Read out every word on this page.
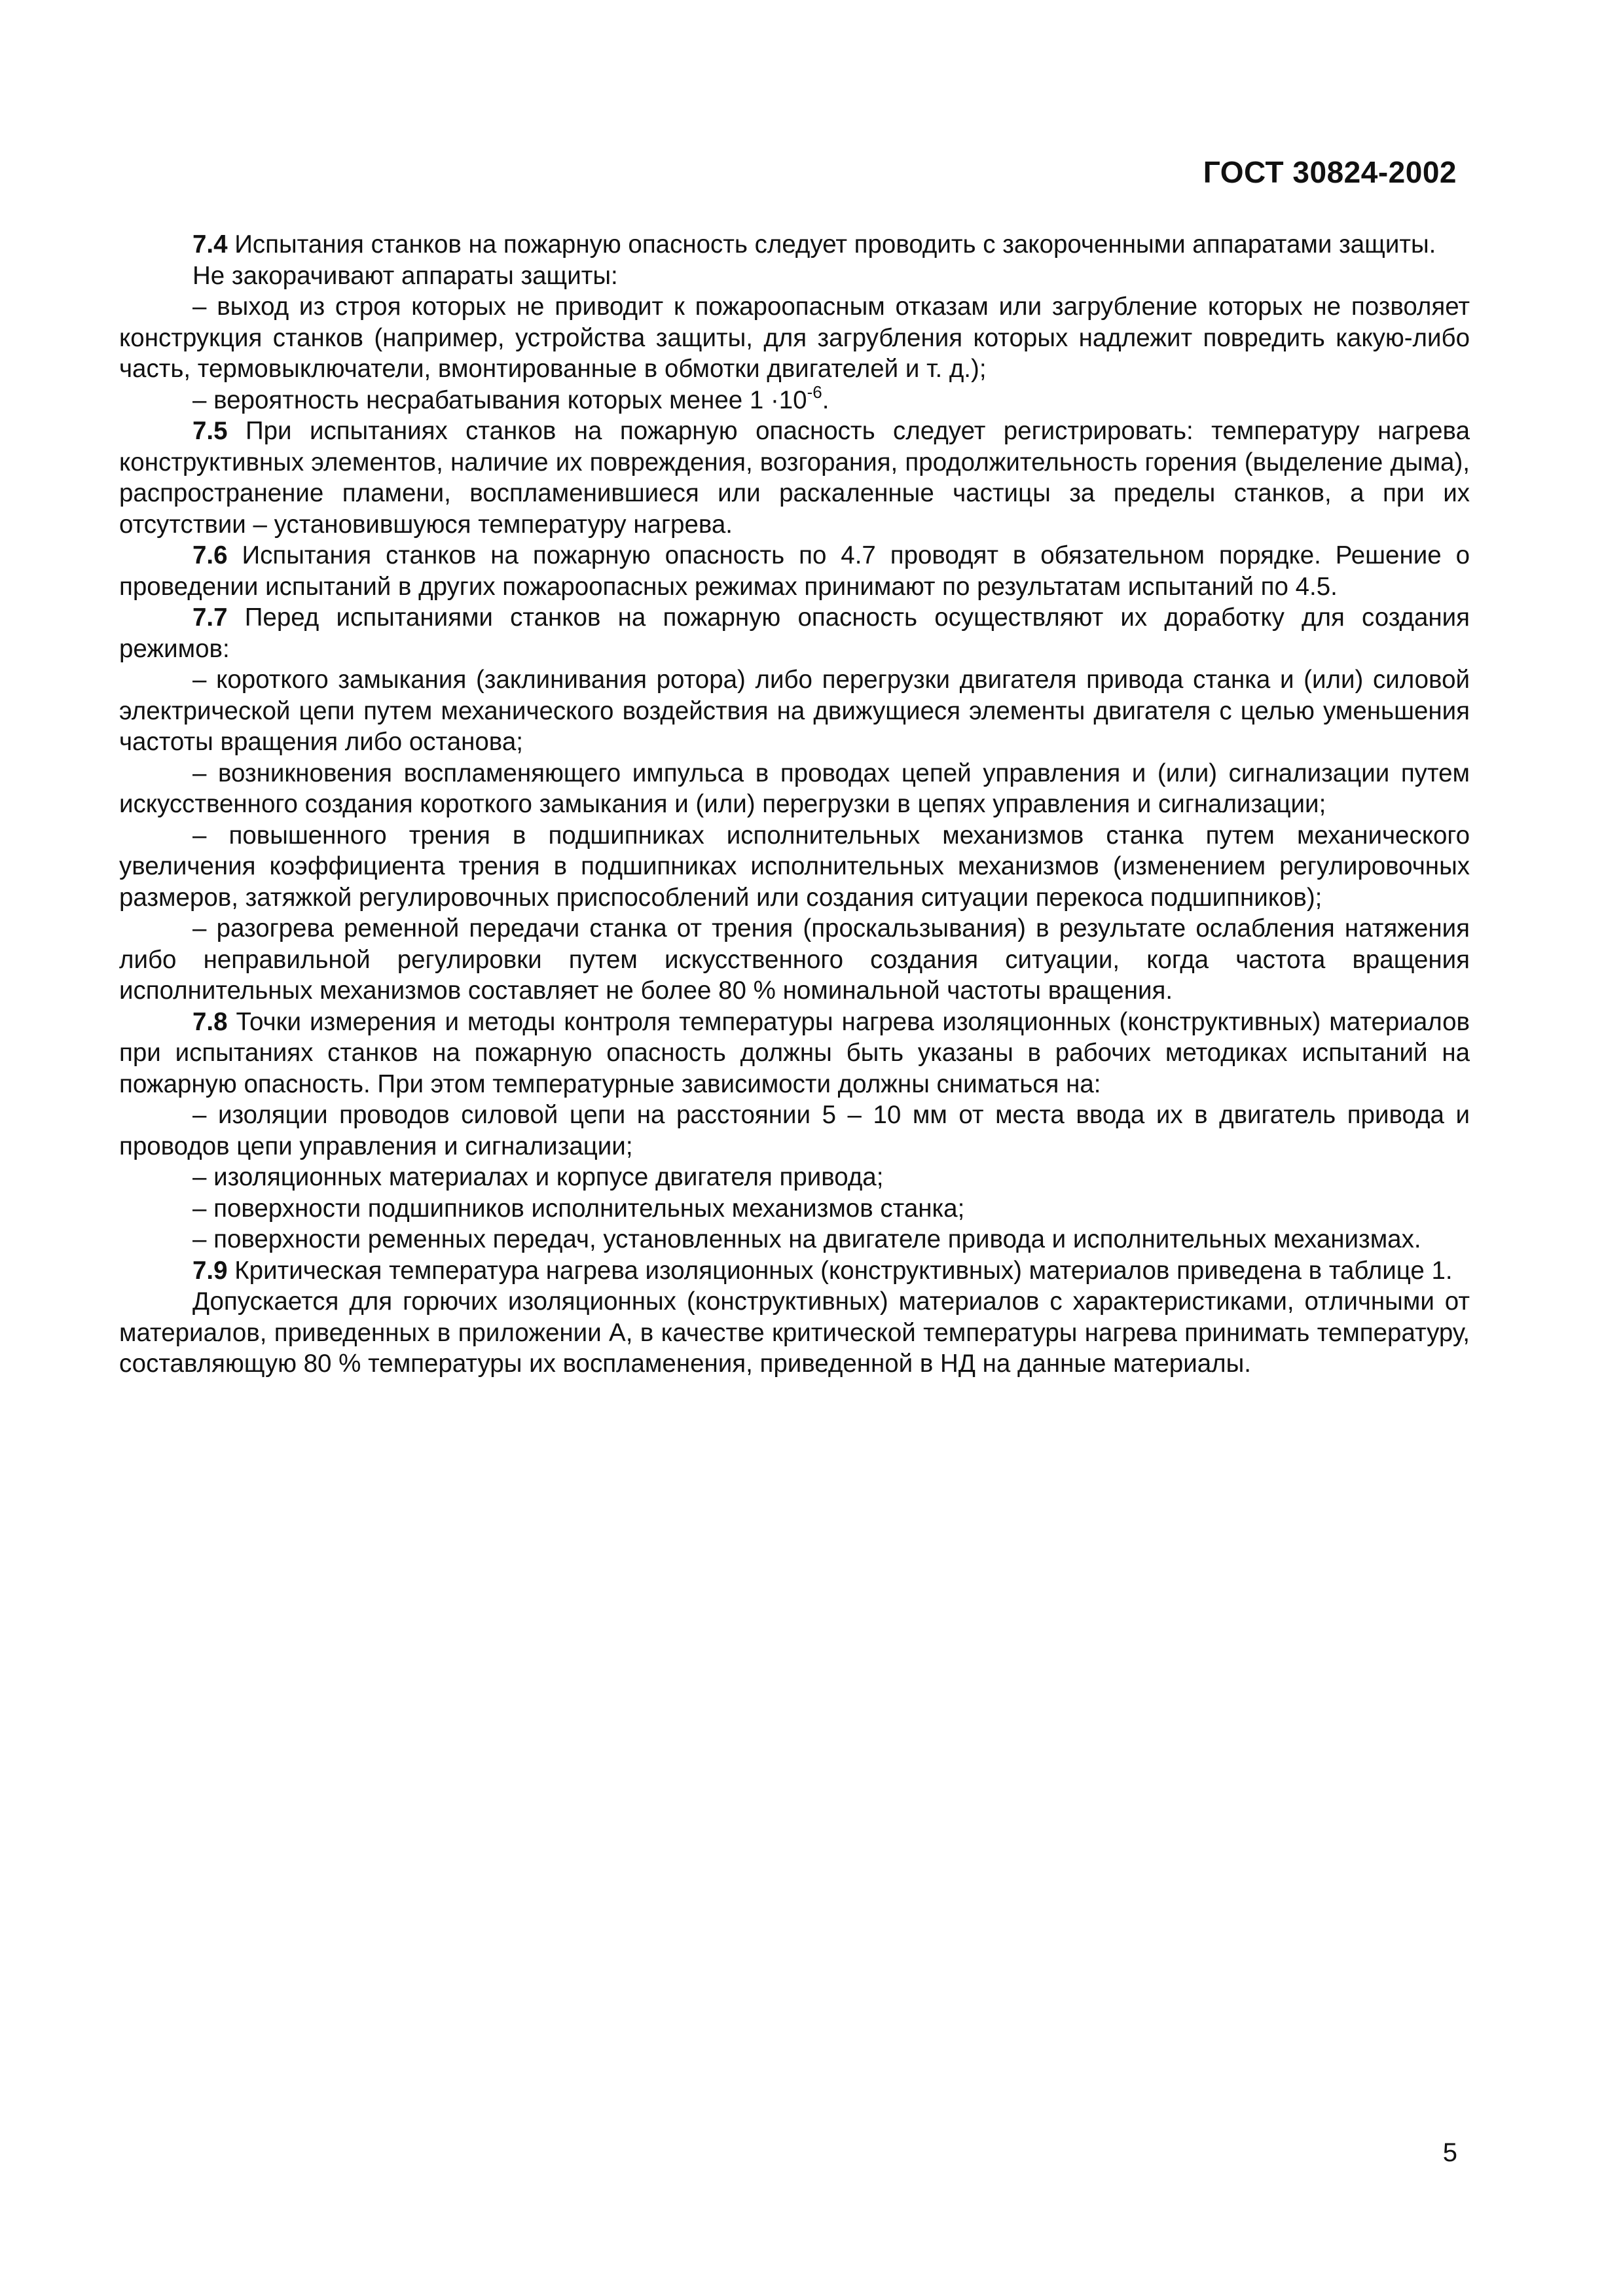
ГОСТ 30824-2002

7.4 Испытания станков на пожарную опасность следует проводить с закороченными аппаратами защиты.

Не закорачивают аппараты защиты:

– выход из строя которых не приводит к пожароопасным отказам или загрубление которых не позволяет конструкция станков (например, устройства защиты, для загрубления которых надлежит повредить какую-либо часть, термовыключатели, вмонтированные в обмотки двигателей и т. д.);

– вероятность несрабатывания которых менее $1 \cdot 10^{-6}$.

7.5 При испытаниях станков на пожарную опасность следует регистрировать: температуру нагрева конструктивных элементов, наличие их повреждения, возгорания, продолжительность горения (выделение дыма), распространение пламени, воспламенившиеся или раскаленные частицы за пределы станков, а при их отсутствии – установившуюся температуру нагрева.

7.6 Испытания станков на пожарную опасность по 4.7 проводят в обязательном порядке. Решение о проведении испытаний в других пожароопасных режимах принимают по результатам испытаний по 4.5.

7.7 Перед испытаниями станков на пожарную опасность осуществляют их доработку для создания режимов:

– короткого замыкания (заклинивания ротора) либо перегрузки двигателя привода станка и (или) силовой электрической цепи путем механического воздействия на движущиеся элементы двигателя с целью уменьшения частоты вращения либо останова;

– возникновения воспламеняющего импульса в проводах цепей управления и (или) сигнализации путем искусственного создания короткого замыкания и (или) перегрузки в цепях управления и сигнализации;

– повышенного трения в подшипниках исполнительных механизмов станка путем механического увеличения коэффициента трения в подшипниках исполнительных механизмов (изменением регулировочных размеров, затяжкой регулировочных приспособлений или создания ситуации перекоса подшипников);

– разогрева ременной передачи станка от трения (проскальзывания) в результате ослабления натяжения либо неправильной регулировки путем искусственного создания ситуации, когда частота вращения исполнительных механизмов составляет не более 80 % номинальной частоты вращения.

7.8 Точки измерения и методы контроля температуры нагрева изоляционных (конструктивных) материалов при испытаниях станков на пожарную опасность должны быть указаны в рабочих методиках испытаний на пожарную опасность. При этом температурные зависимости должны сниматься на:

– изоляции проводов силовой цепи на расстоянии 5 – 10 мм от места ввода их в двигатель привода и проводов цепи управления и сигнализации;

– изоляционных материалах и корпусе двигателя привода;

– поверхности подшипников исполнительных механизмов станка;

– поверхности ременных передач, установленных на двигателе привода и исполнительных механизмах.

7.9 Критическая температура нагрева изоляционных (конструктивных) материалов приведена в таблице 1.

Допускается для горючих изоляционных (конструктивных) материалов с характеристиками, отличными от материалов, приведенных в приложении А, в качестве критической температуры нагрева принимать температуру, составляющую 80 % температуры их воспламенения, приведенной в НД на данные материалы.

5
